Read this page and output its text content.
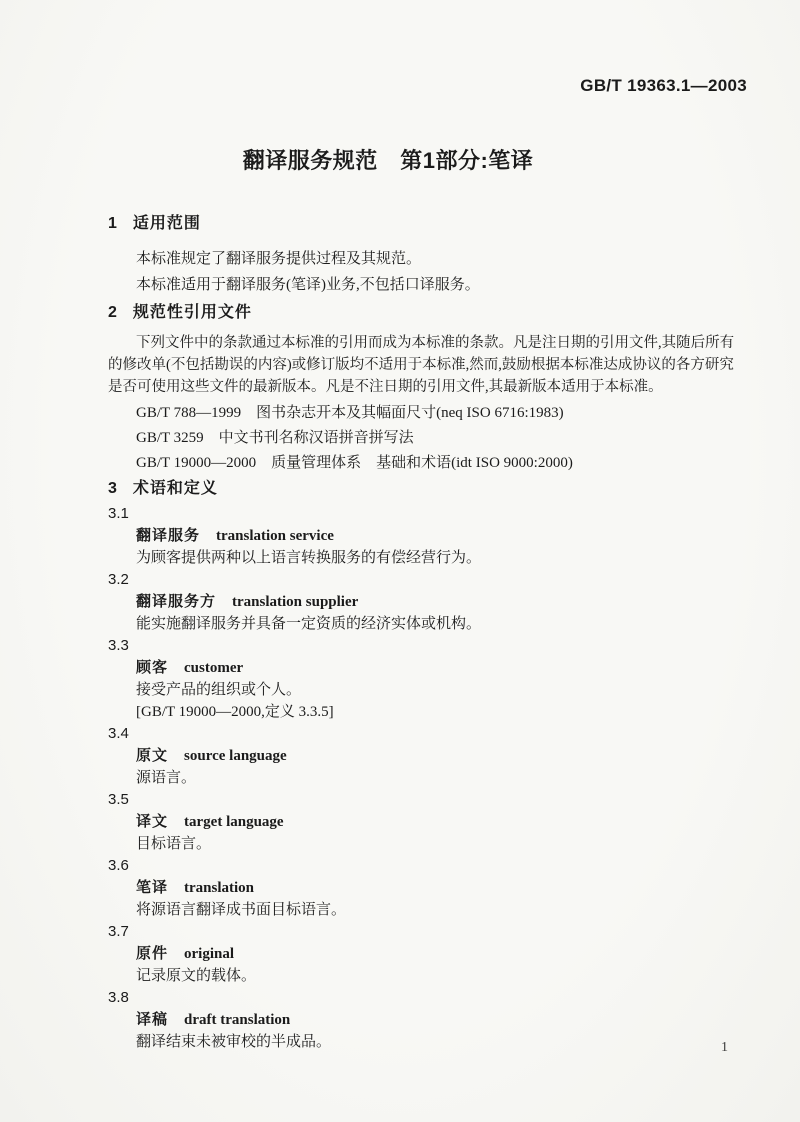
GB/T 19363.1—2003
翻译服务规范　第1部分:笔译
1 适用范围

本标准规定了翻译服务提供过程及其规范。

本标准适用于翻译服务(笔译)业务,不包括口译服务。

2 规范性引用文件
下列文件中的条款通过本标准的引用而成为本标准的条款。凡是注日期的引用文件,其随后所有
的修改单(不包括勘误的内容)或修订版均不适用于本标准,然而,鼓励根据本标准达成协议的各方研究
是否可使用这些文件的最新版本。凡是不注日期的引用文件,其最新版本适用于本标准。
GB/T 788—1999　图书杂志开本及其幅面尺寸(neq ISO 6716:1983)
GB/T 3259　中文书刊名称汉语拼音拼写法
GB/T 19000—2000　质量管理体系　基础和术语(idt ISO 9000:2000)
3 术语和定义
3.1
翻译服务 translation service
为顾客提供两种以上语言转换服务的有偿经营行为。
3.2
翻译服务方 translation supplier
能实施翻译服务并具备一定资质的经济实体或机构。
3.3
顾客 customer
接受产品的组织或个人。
[GB/T 19000—2000,定义 3.3.5]
3.4
原文 source language
源语言。
3.5
译文 target language
目标语言。
3.6
笔译 translation
将源语言翻译成书面目标语言。
3.7
原件 original
记录原文的载体。
3.8
译稿 draft translation
翻译结束未被审校的半成品。	1
